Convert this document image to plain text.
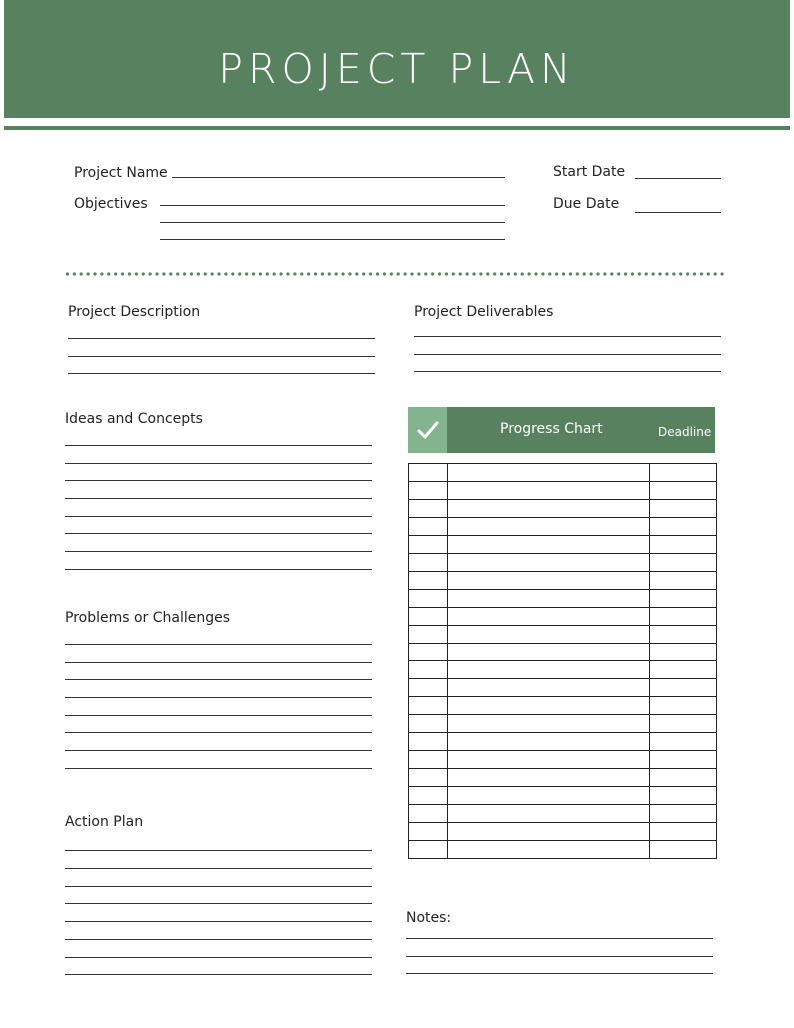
PROJECT PLAN
Project Name
Objectives
Start Date
Due Date
Project Description	Project Deliverables
Ideas and Concepts
Problems or Challenges
Action Plan
Progress Chart	Deadline

Notes:
